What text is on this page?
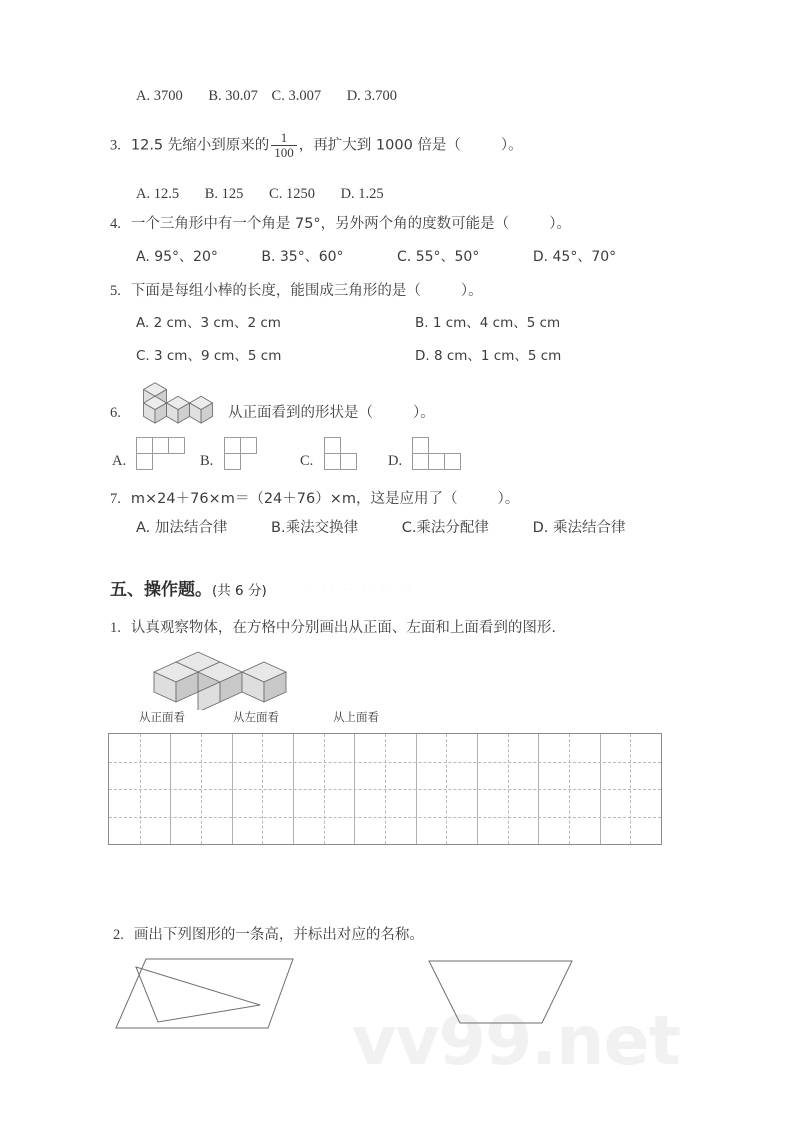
· ·· ·· ·· ·· ··
vv99.net
A. 3700 B. 30.07 C. 3.007 D. 3.700
3. 12.5 先缩小到原来的 $\frac{1}{100}$ ，再扩大到 1000 倍是（	）。
A. 12.5 B. 125 C. 1250 D. 1.25
4. 一个三角形中有一个角是 75°，另外两个角的度数可能是（	）。
A. 95°、20°	B. 35°、60°	C. 55°、50°	D. 45°、70°
5. 下面是每组小棒的长度，能围成三角形的是（	）。
A. 2 cm、3 cm、2 cm	B. 1 cm、4 cm、5 cm
C. 3 cm、9 cm、5 cm	D. 8 cm、1 cm、5 cm
6.	从正面看到的形状是（	）。
A.	B.	C.	D.
7. m×24＋76×m＝（24＋76）×m，这是应用了（	）。
A. 加法结合律	B.乘法交换律	C.乘法分配律	D. 乘法结合律
五、操作题。(共 6 分)
1. 认真观察物体，在方格中分别画出从正面、左面和上面看到的图形.
从正面看	从左面看	从上面看
2. 画出下列图形的一条高，并标出对应的名称。
